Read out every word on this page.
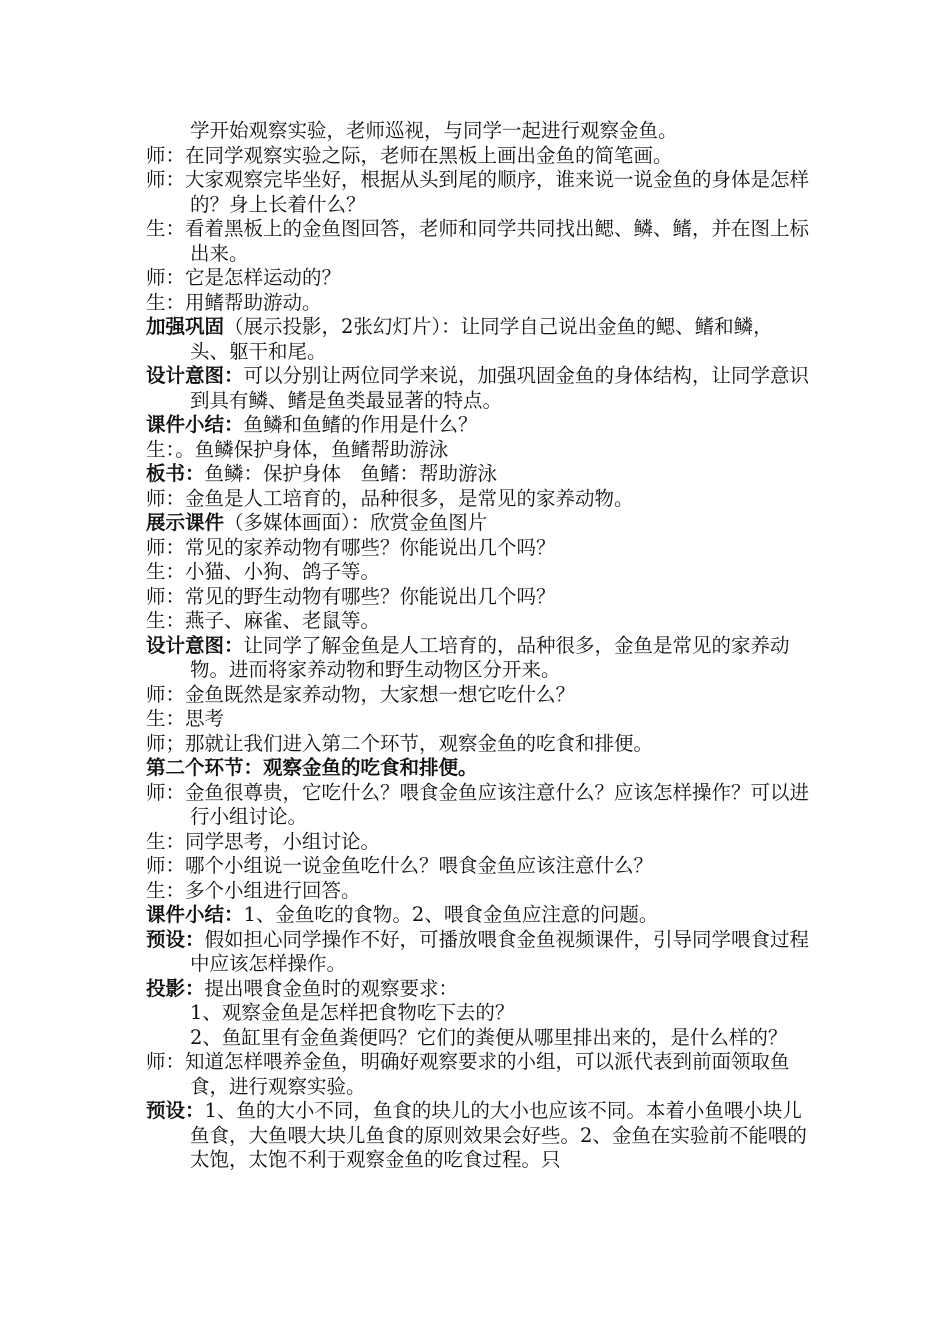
学开始观察实验，老师巡视，与同学一起进行观察金鱼。

师：在同学观察实验之际，老师在黑板上画出金鱼的简笔画。

师：大家观察完毕坐好，根据从头到尾的顺序，谁来说一说金鱼的身体是怎样的？身上长着什么？

生：看着黑板上的金鱼图回答，老师和同学共同找出鳃、鳞、鳍，并在图上标出来。

师：它是怎样运动的？

生：用鳍帮助游动。

加强巩固（展示投影，2张幻灯片）：让同学自己说出金鱼的鳃、鳍和鳞，头、躯干和尾。

设计意图：可以分别让两位同学来说，加强巩固金鱼的身体结构，让同学意识到具有鳞、鳍是鱼类最显著的特点。

课件小结：鱼鳞和鱼鳍的作用是什么？

生：。鱼鳞保护身体，鱼鳍帮助游泳

板书：鱼鳞：保护身体　鱼鳍：帮助游泳

师：金鱼是人工培育的，品种很多，是常见的家养动物。

展示课件（多媒体画面）：欣赏金鱼图片

师：常见的家养动物有哪些？你能说出几个吗？

生：小猫、小狗、鸽子等。

师：常见的野生动物有哪些？你能说出几个吗？

生：燕子、麻雀、老鼠等。

设计意图：让同学了解金鱼是人工培育的，品种很多，金鱼是常见的家养动物。进而将家养动物和野生动物区分开来。

师：金鱼既然是家养动物，大家想一想它吃什么？

生：思考

师；那就让我们进入第二个环节，观察金鱼的吃食和排便。

第二个环节：观察金鱼的吃食和排便。

师：金鱼很尊贵，它吃什么？喂食金鱼应该注意什么？应该怎样操作？可以进行小组讨论。

生：同学思考，小组讨论。

师：哪个小组说一说金鱼吃什么？喂食金鱼应该注意什么？

生：多个小组进行回答。

课件小结：1、金鱼吃的食物。2、喂食金鱼应注意的问题。

预设：假如担心同学操作不好，可播放喂食金鱼视频课件，引导同学喂食过程中应该怎样操作。

投影：提出喂食金鱼时的观察要求：

1、观察金鱼是怎样把食物吃下去的？

2、鱼缸里有金鱼粪便吗？它们的粪便从哪里排出来的，是什么样的？

师：知道怎样喂养金鱼，明确好观察要求的小组，可以派代表到前面领取鱼食，进行观察实验。

预设：1、鱼的大小不同，鱼食的块儿的大小也应该不同。本着小鱼喂小块儿鱼食，大鱼喂大块儿鱼食的原则效果会好些。2、金鱼在实验前不能喂的太饱，太饱不利于观察金鱼的吃食过程。只
